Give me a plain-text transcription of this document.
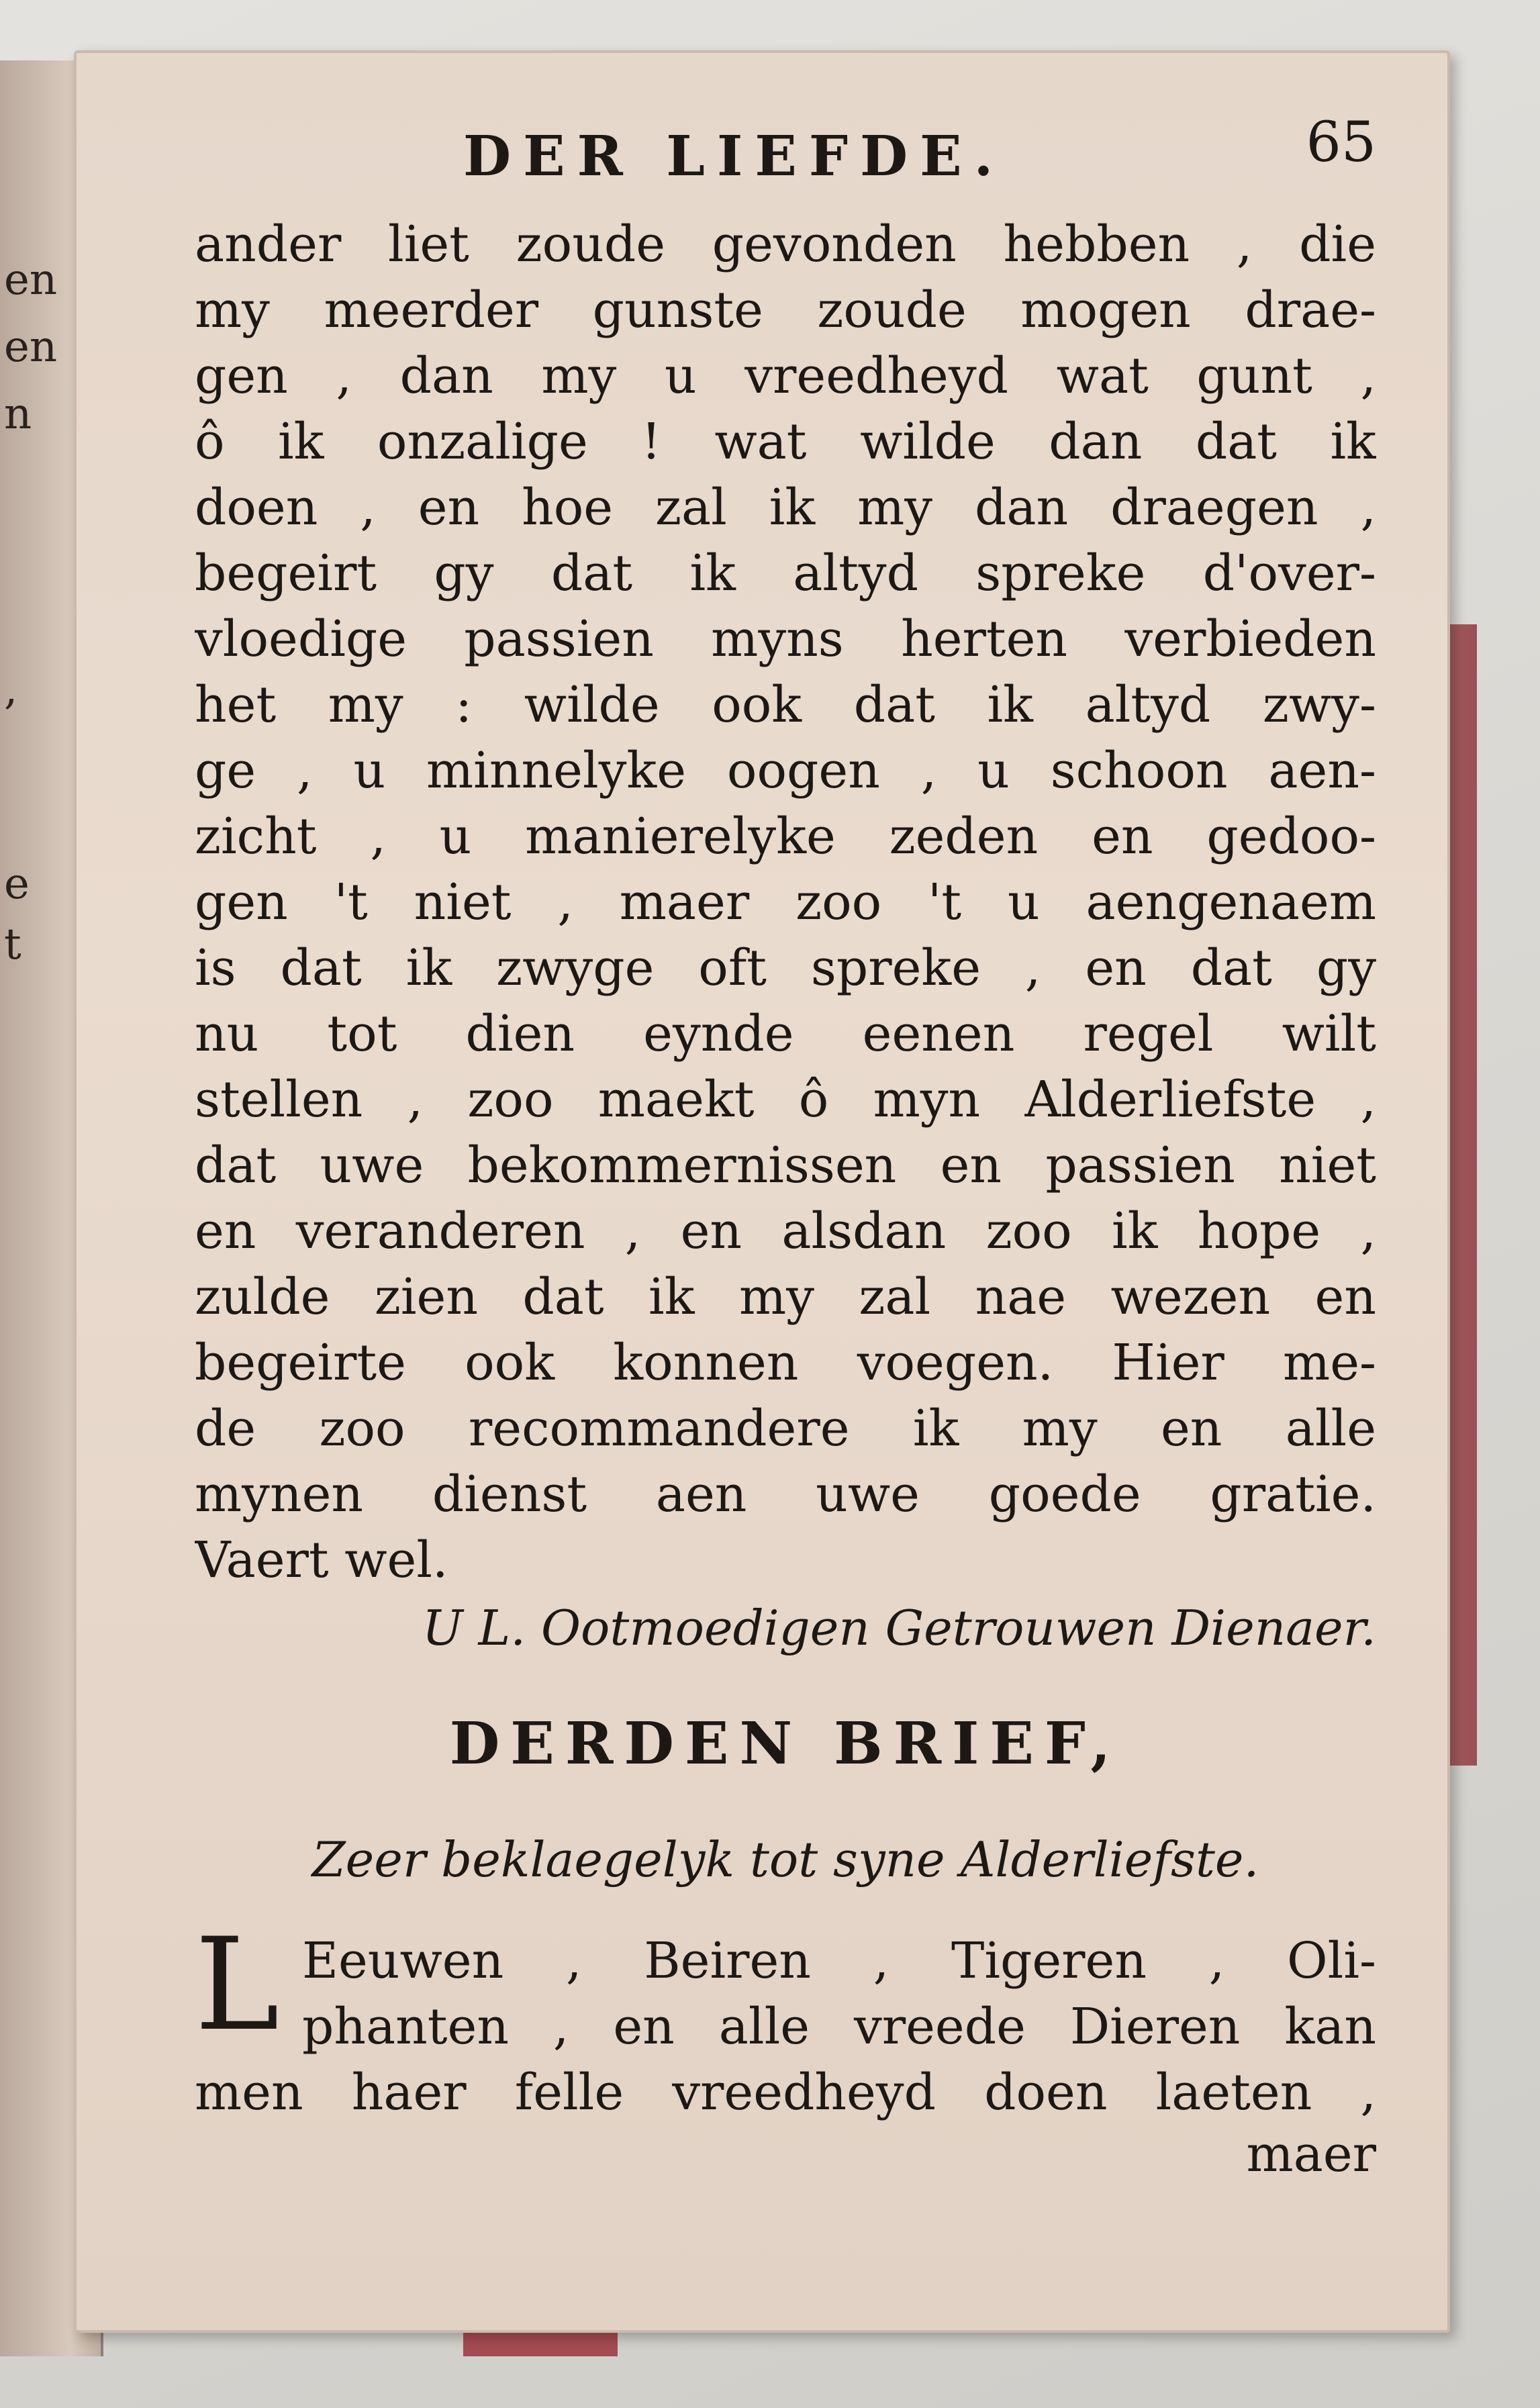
en
en
n
,
e
t
DER LIEFDE.	65
ander liet zoude gevonden hebben , die
my meerder gunste zoude mogen drae-
gen , dan my u vreedheyd wat gunt ,
ô ik onzalige ! wat wilde dan dat ik
doen , en hoe zal ik my dan draegen ,
begeirt gy dat ik altyd spreke d'over-
vloedige passien myns herten verbieden
het my : wilde ook dat ik altyd zwy-
ge , u minnelyke oogen , u schoon aen-
zicht , u manierelyke zeden en gedoo-
gen 't niet , maer zoo 't u aengenaem
is dat ik zwyge oft spreke , en dat gy
nu tot dien eynde eenen regel wilt
stellen , zoo maekt ô myn Alderliefste ,
dat uwe bekommernissen en passien niet
en veranderen , en alsdan zoo ik hope ,
zulde zien dat ik my zal nae wezen en
begeirte ook konnen voegen. Hier me-
de zoo recommandere ik my en alle
mynen dienst aen uwe goede gratie.
Vaert wel.
U L. Ootmoedigen Getrouwen Dienaer.
DERDEN BRIEF,
Zeer beklaegelyk tot syne Alderliefste.
L Eeuwen , Beiren , Tigeren , Oli-
phanten , en alle vreede Dieren kan
men haer felle vreedheyd doen laeten ,
maer
